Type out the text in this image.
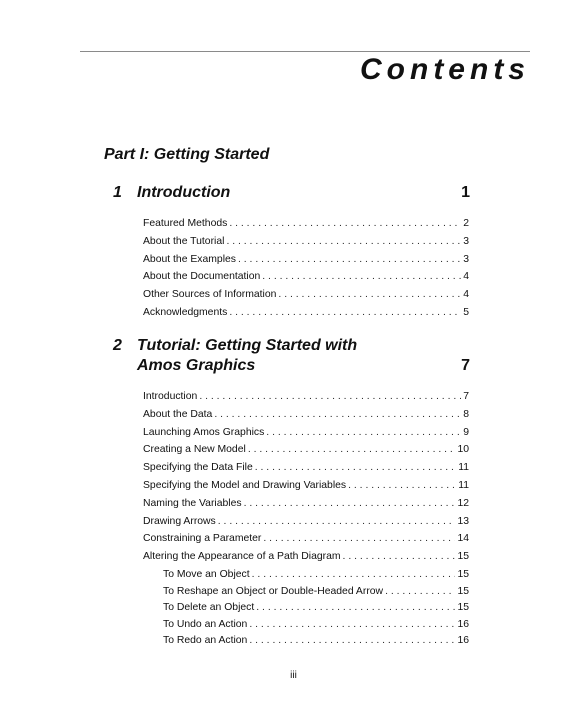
Contents
Part I: Getting Started
1 Introduction	1
Featured Methods . . .	2
About the Tutorial . . .	3
About the Examples . . .	3
About the Documentation . . .	4
Other Sources of Information . . .	4
Acknowledgments . . .	5
2 Tutorial: Getting Started with
Amos Graphics	7
Introduction . . .	7
About the Data . . .	8
Launching Amos Graphics . . .	9
Creating a New Model . . .	10
Specifying the Data File . . .	11
Specifying the Model and Drawing Variables . . .	11
Naming the Variables . . .	12
Drawing Arrows . . .	13
Constraining a Parameter . . .	14
Altering the Appearance of a Path Diagram . . .	15
To Move an Object . . .	15
To Reshape an Object or Double-Headed Arrow . . .	15
To Delete an Object . . .	15
To Undo an Action . . .	16
To Redo an Action . . .	16
iii
